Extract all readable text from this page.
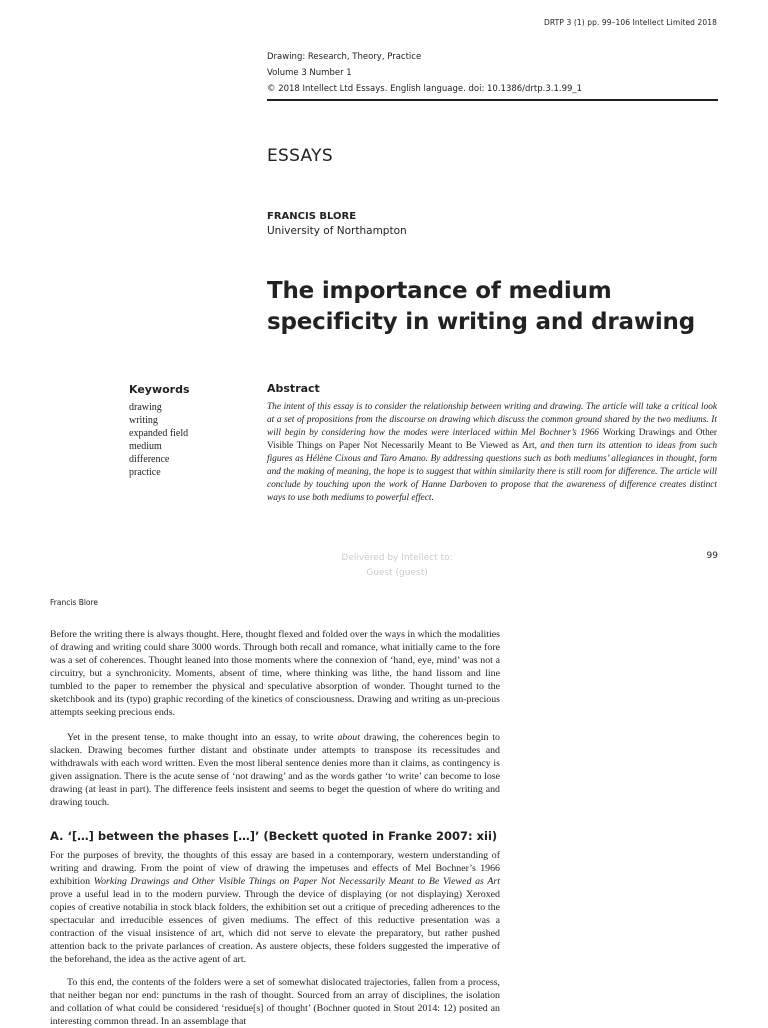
DRTP 3 (1) pp. 99–106 Intellect Limited 2018
Drawing: Research, Theory, Practice
Volume 3 Number 1
© 2018 Intellect Ltd Essays. English language. doi: 10.1386/drtp.3.1.99_1
ESSAYS
FRANCIS BLORE
University of Northampton
The importance of medium specificity in writing and drawing
Keywords
drawing
writing
expanded field
medium
difference
practice
Abstract
The intent of this essay is to consider the relationship between writing and drawing. The article will take a critical look at a set of propositions from the discourse on drawing which discuss the common ground shared by the two mediums. It will begin by considering how the modes were interlaced within Mel Bochner’s 1966 Working Drawings and Other Visible Things on Paper Not Necessarily Meant to Be Viewed as Art, and then turn its attention to ideas from such figures as Hélène Cixous and Taro Amano. By addressing questions such as both mediums’ allegiances in thought, form and the making of meaning, the hope is to suggest that within similarity there is still room for difference. The article will conclude by touching upon the work of Hanne Darboven to propose that the awareness of difference creates distinct ways to use both mediums to powerful effect.
Delivered by Intellect to:
Guest (guest)
99
Francis Blore

Before the writing there is always thought. Here, thought flexed and folded over the ways in which the modalities of drawing and writing could share 3000 words. Through both recall and romance, what initially came to the fore was a set of coherences. Thought leaned into those moments where the connexion of ‘hand, eye, mind’ was not a circuitry, but a synchronicity. Moments, absent of time, where thinking was lithe, the hand lissom and line tumbled to the paper to remember the physical and speculative absorption of wonder. Thought turned to the sketchbook and its (typo) graphic recording of the kinetics of consciousness. Drawing and writing as un-precious attempts seeking precious ends.

Yet in the present tense, to make thought into an essay, to write about drawing, the coherences begin to slacken. Drawing becomes further distant and obstinate under attempts to transpose its recessitudes and withdrawals with each word written. Even the most liberal sentence denies more than it claims, as contingency is given assignation. There is the acute sense of ‘not drawing’ and as the words gather ‘to write’ can become to lose drawing (at least in part). The difference feels insistent and seems to beget the question of where do writing and drawing touch.

A. ‘[…] between the phases […]’ (Beckett quoted in Franke 2007: xii)

For the purposes of brevity, the thoughts of this essay are based in a contemporary, western understanding of writing and drawing. From the point of view of drawing the impetuses and effects of Mel Bochner’s 1966 exhibition Working Drawings and Other Visible Things on Paper Not Necessarily Meant to Be Viewed as Art prove a useful lead in to the modern purview. Through the device of displaying (or not displaying) Xeroxed copies of creative notabilia in stock black folders, the exhibition set out a critique of preceding adherences to the spectacular and irreducible essences of given mediums. The effect of this reductive presentation was a contraction of the visual insistence of art, which did not serve to elevate the preparatory, but rather pushed attention back to the private parlances of creation. As austere objects, these folders suggested the imperative of the beforehand, the idea as the active agent of art.

To this end, the contents of the folders were a set of somewhat dislocated trajectories, fallen from a process, that neither began nor end: punctums in the rash of thought. Sourced from an array of disciplines, the isolation and collation of what could be considered ‘residue[s] of thought’ (Bochner quoted in Stout 2014: 12) posited an interesting common thread. In an assemblage that
